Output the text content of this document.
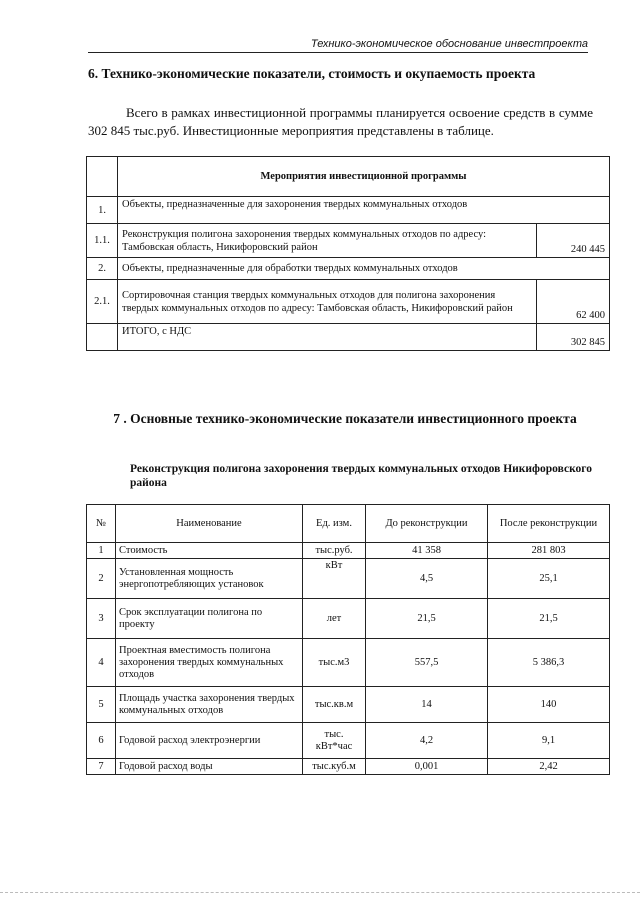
Технико-экономическое обоснование инвестпроекта
6. Технико-экономические показатели, стоимость и окупаемость проекта
Всего в рамках инвестиционной программы планируется освоение средств в сумме 302 845 тыс.руб. Инвестиционные мероприятия представлены в таблице.
	Мероприятия инвестиционной программы	
1.	Объекты, предназначенные для захоронения твердых коммунальных отходов	
1.1.	Реконструкция полигона захоронения твердых коммунальных отходов по адресу: Тамбовская область, Никифоровский район	240 445
2.	Объекты, предназначенные для обработки твердых коммунальных отходов	
2.1.	Сортировочная станция твердых коммунальных отходов для полигона захоронения твердых коммунальных отходов по адресу: Тамбовская область, Никифоровский район	62 400
	ИТОГО, с НДС	302 845
7 . Основные технико-экономические показатели инвестиционного проекта
Реконструкция полигона захоронения твердых коммунальных отходов Никифоровского района
№	Наименование	Ед. изм.	До реконструкции	После реконструкции
1	Стоимость	тыс.руб.	41 358	281 803
2	Установленная мощность энергопотребляющих установок	кВт	4,5	25,1
3	Срок эксплуатации полигона по проекту	лет	21,5	21,5
4	Проектная вместимость полигона захоронения твердых коммунальных отходов	тыс.м3	557,5	5 386,3
5	Площадь участка захоронения твердых коммунальных отходов	тыс.кв.м	14	140
6	Годовой расход электроэнергии	тыс. кВт*час	4,2	9,1
7	Годовой расход воды	тыс.куб.м	0,001	2,42
